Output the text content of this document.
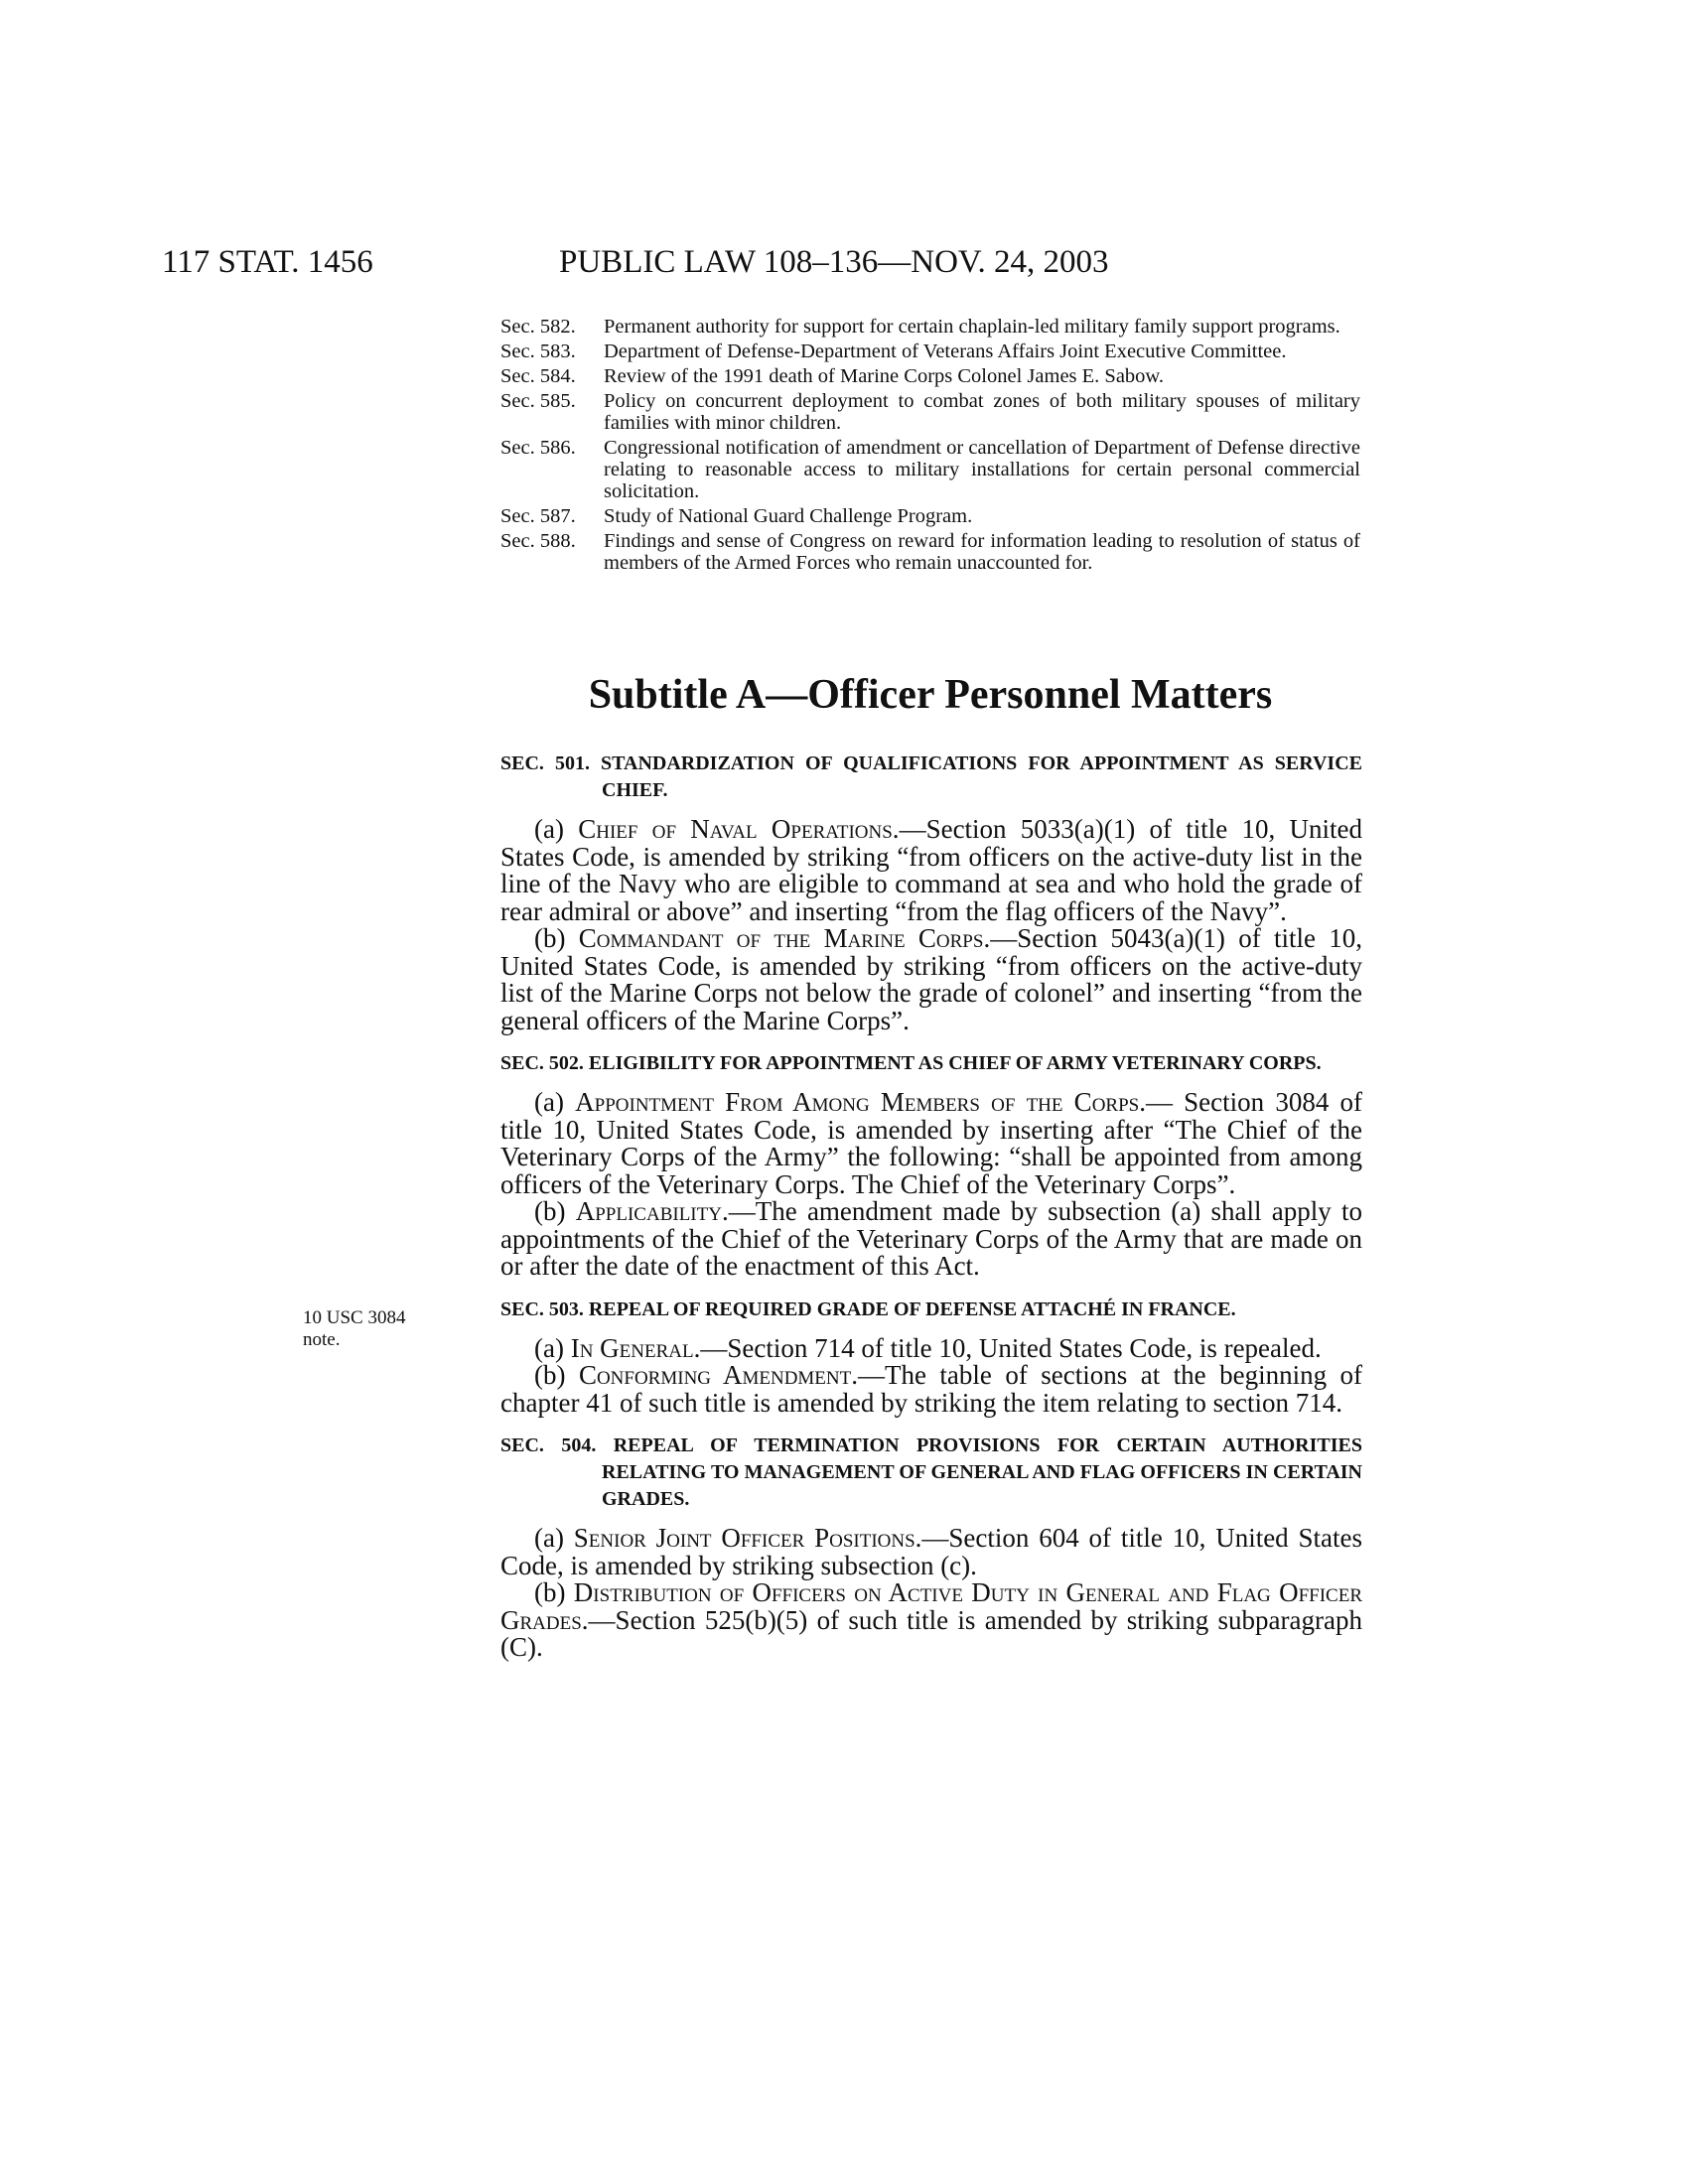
117 STAT. 1456	PUBLIC LAW 108–136—NOV. 24, 2003
Sec. 582.	Permanent authority for support for certain chaplain-led military family support programs.
Sec. 583.	Department of Defense-Department of Veterans Affairs Joint Executive Committee.
Sec. 584.	Review of the 1991 death of Marine Corps Colonel James E. Sabow.
Sec. 585.	Policy on concurrent deployment to combat zones of both military spouses of military families with minor children.
Sec. 586.	Congressional notification of amendment or cancellation of Department of Defense directive relating to reasonable access to military installations for certain personal commercial solicitation.
Sec. 587.	Study of National Guard Challenge Program.
Sec. 588.	Findings and sense of Congress on reward for information leading to resolution of status of members of the Armed Forces who remain unaccounted for.
Subtitle A—Officer Personnel Matters

SEC. 501. STANDARDIZATION OF QUALIFICATIONS FOR APPOINTMENT AS SERVICE CHIEF.

(a) Chief of Naval Operations.—Section 5033(a)(1) of title 10, United States Code, is amended by striking “from officers on the active-duty list in the line of the Navy who are eligible to command at sea and who hold the grade of rear admiral or above” and inserting “from the flag officers of the Navy”.

(b) Commandant of the Marine Corps.—Section 5043(a)(1) of title 10, United States Code, is amended by striking “from officers on the active-duty list of the Marine Corps not below the grade of colonel” and inserting “from the general officers of the Marine Corps”.

SEC. 502. ELIGIBILITY FOR APPOINTMENT AS CHIEF OF ARMY VETERINARY CORPS.

(a) Appointment From Among Members of the Corps.— Section 3084 of title 10, United States Code, is amended by inserting after “The Chief of the Veterinary Corps of the Army” the following: “shall be appointed from among officers of the Veterinary Corps. The Chief of the Veterinary Corps”.

(b) Applicability.—The amendment made by subsection (a) shall apply to appointments of the Chief of the Veterinary Corps of the Army that are made on or after the date of the enactment of this Act.

SEC. 503. REPEAL OF REQUIRED GRADE OF DEFENSE ATTACHÉ IN FRANCE.

(a) In General.—Section 714 of title 10, United States Code, is repealed.

(b) Conforming Amendment.—The table of sections at the beginning of chapter 41 of such title is amended by striking the item relating to section 714.

SEC. 504. REPEAL OF TERMINATION PROVISIONS FOR CERTAIN AUTHORITIES RELATING TO MANAGEMENT OF GENERAL AND FLAG OFFICERS IN CERTAIN GRADES.

(a) Senior Joint Officer Positions.—Section 604 of title 10, United States Code, is amended by striking subsection (c).

(b) Distribution of Officers on Active Duty in General and Flag Officer Grades.—Section 525(b)(5) of such title is amended by striking subparagraph (C).

10 USC 3084
note.
